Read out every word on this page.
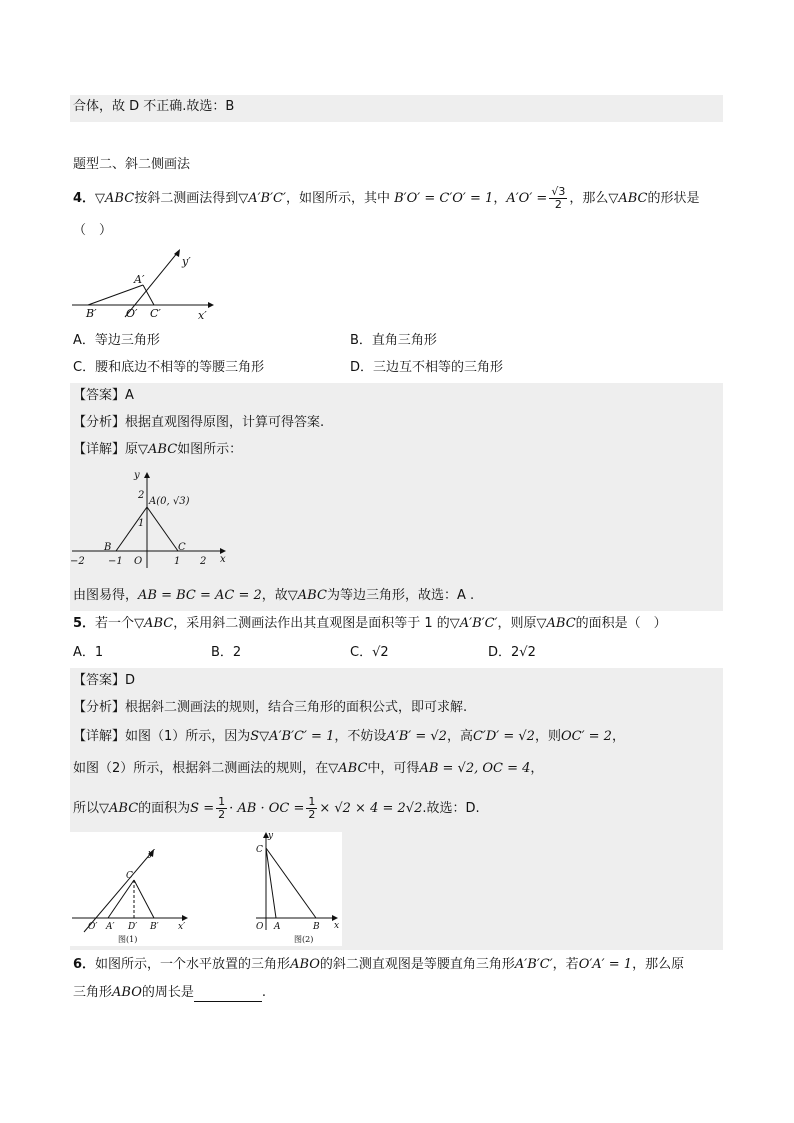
合体，故 D 不正确.故选：B
题型二、斜二侧画法
4．▽ABC按斜二测画法得到▽A′B′C′，如图所示，其中 B′O′ = C′O′ = 1，$A'O' = \frac{√3}{2}$ ，那么▽ABC的形状是
（　）
y′
x′
A′
B′	O′ C′
A．等边三角形	B．直角三角形
C．腰和底边不相等的等腰三角形	D．三边互不相等的三角形
【答案】A
【分析】根据直观图得原图，计算可得答案.
【详解】原▽ABC如图所示：
y
x
A(0, √3)
B	C
O
2
1
−2 −1	1 2
由图易得，AB = BC = AC = 2，故▽ABC为等边三角形，故选：A .
5．若一个▽ABC，采用斜二测画法作出其直观图是面积等于 1 的▽A′B′C′，则原▽ABC的面积是（　）
A．1	B．2	C．√2	D．2√2
【答案】D
【分析】根据斜二测画法的规则，结合三角形的面积公式，即可求解.
【详解】如图（1）所示，因为S▽A′B′C′ = 1，不妨设A′B′ = √2，高C′D′ = √2，则OC′ = 2，
如图（2）所示，根据斜二测画法的规则，在▽ABC中，可得AB = √2, OC = 4，
所以▽ABC的面积为$S = \frac{1}{2}$ · AB · OC = $\frac{1}{2} \times √2 \times 4 = 2√2$.故选：D.
y′
x′
C
O′ A′ D′ B′
图(1)
y
x
C
O A	B
图(2)
6．如图所示，一个水平放置的三角形ABO的斜二测直观图是等腰直角三角形A′B′C′，若O′A′ = 1，那么原
三角形ABO的周长是	.
